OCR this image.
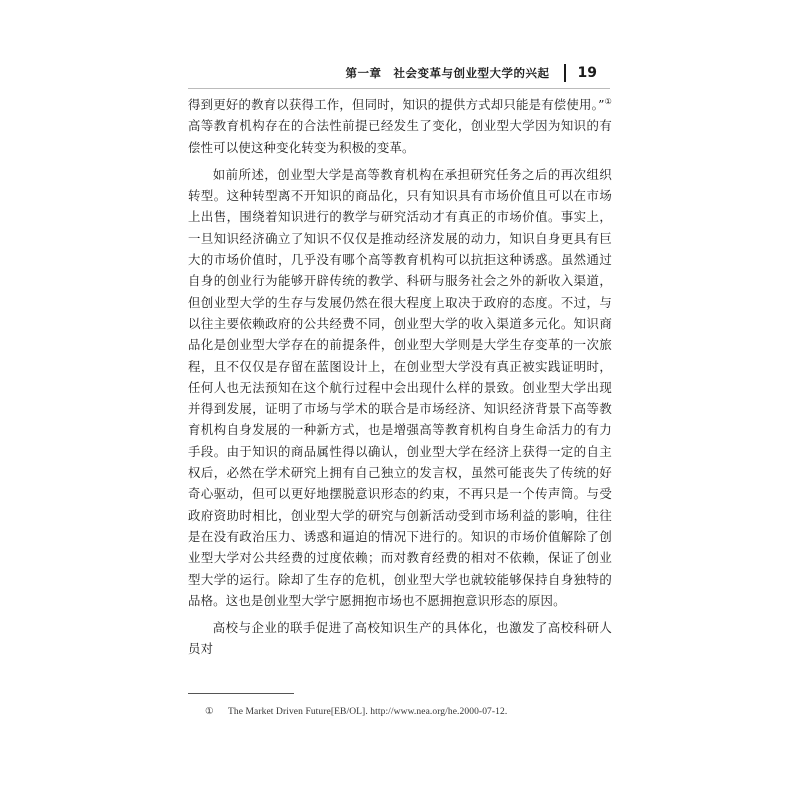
第一章　社会变革与创业型大学的兴起 19

得到更好的教育以获得工作，但同时，知识的提供方式却只能是有偿使用。”①高等教育机构存在的合法性前提已经发生了变化，创业型大学因为知识的有偿性可以使这种变化转变为积极的变革。

如前所述，创业型大学是高等教育机构在承担研究任务之后的再次组织转型。这种转型离不开知识的商品化，只有知识具有市场价值且可以在市场上出售，围绕着知识进行的教学与研究活动才有真正的市场价值。事实上，一旦知识经济确立了知识不仅仅是推动经济发展的动力，知识自身更具有巨大的市场价值时，几乎没有哪个高等教育机构可以抗拒这种诱惑。虽然通过自身的创业行为能够开辟传统的教学、科研与服务社会之外的新收入渠道，但创业型大学的生存与发展仍然在很大程度上取决于政府的态度。不过，与以往主要依赖政府的公共经费不同，创业型大学的收入渠道多元化。知识商品化是创业型大学存在的前提条件，创业型大学则是大学生存变革的一次旅程，且不仅仅是存留在蓝图设计上，在创业型大学没有真正被实践证明时，任何人也无法预知在这个航行过程中会出现什么样的景致。创业型大学出现并得到发展，证明了市场与学术的联合是市场经济、知识经济背景下高等教育机构自身发展的一种新方式，也是增强高等教育机构自身生命活力的有力手段。由于知识的商品属性得以确认，创业型大学在经济上获得一定的自主权后，必然在学术研究上拥有自己独立的发言权，虽然可能丧失了传统的好奇心驱动，但可以更好地摆脱意识形态的约束，不再只是一个传声筒。与受政府资助时相比，创业型大学的研究与创新活动受到市场利益的影响，往往是在没有政治压力、诱惑和逼迫的情况下进行的。知识的市场价值解除了创业型大学对公共经费的过度依赖；而对教育经费的相对不依赖，保证了创业型大学的运行。除却了生存的危机，创业型大学也就较能够保持自身独特的品格。这也是创业型大学宁愿拥抱市场也不愿拥抱意识形态的原因。

高校与企业的联手促进了高校知识生产的具体化，也激发了高校科研人员对

① The Market Driven Future[EB/OL]. http://www.nea.org/he.2000-07-12.
